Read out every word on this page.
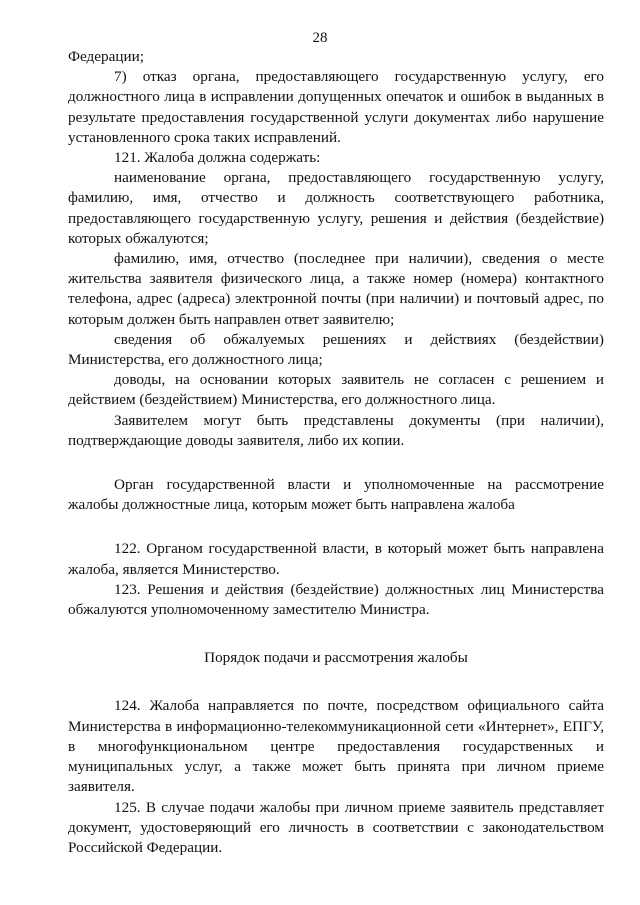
28

Федерации;

7) отказ органа, предоставляющего государственную услугу, его должностного лица в исправлении допущенных опечаток и ошибок в выданных в результате предоставления государственной услуги документах либо нарушение установленного срока таких исправлений.

121. Жалоба должна содержать:

наименование органа, предоставляющего государственную услугу, фамилию, имя, отчество и должность соответствующего работника, предоставляющего государственную услугу, решения и действия (бездействие) которых обжалуются;

фамилию, имя, отчество (последнее при наличии), сведения о месте жительства заявителя физического лица, а также номер (номера) контактного телефона, адрес (адреса) электронной почты (при наличии) и почтовый адрес, по которым должен быть направлен ответ заявителю;

сведения об обжалуемых решениях и действиях (бездействии) Министерства, его должностного лица;

доводы, на основании которых заявитель не согласен с решением и действием (бездействием) Министерства, его должностного лица.

Заявителем могут быть представлены документы (при наличии), подтверждающие доводы заявителя, либо их копии.

Орган государственной власти и уполномоченные на рассмотрение жалобы должностные лица, которым может быть направлена жалоба

122. Органом государственной власти, в который может быть направлена жалоба, является Министерство.

123. Решения и действия (бездействие) должностных лиц Министерства обжалуются уполномоченному заместителю Министра.

Порядок подачи и рассмотрения жалобы

124. Жалоба направляется по почте, посредством официального сайта Министерства в информационно-телекоммуникационной сети «Интернет», ЕПГУ, в многофункциональном центре предоставления государственных и муниципальных услуг, а также может быть принята при личном приеме заявителя.

125. В случае подачи жалобы при личном приеме заявитель представляет документ, удостоверяющий его личность в соответствии с законодательством Российской Федерации.
